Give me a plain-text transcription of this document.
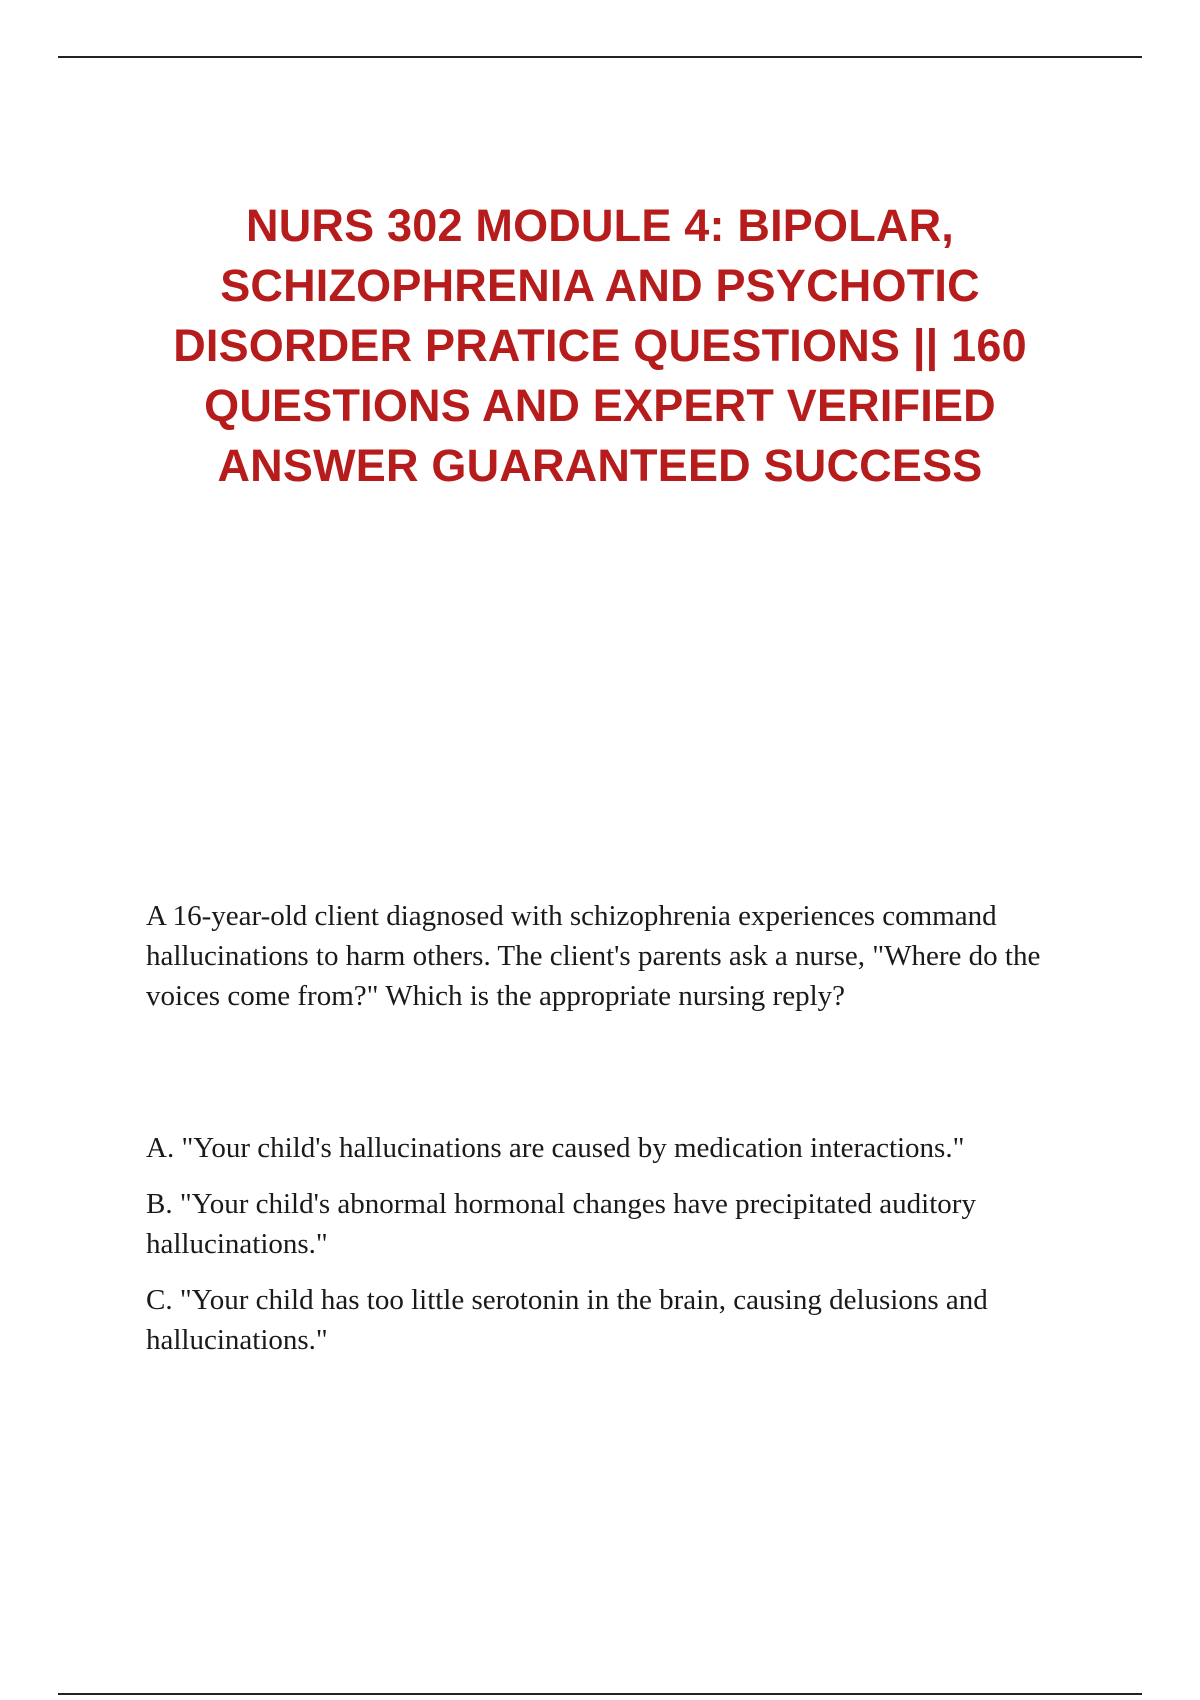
NURS 302 MODULE 4: BIPOLAR, SCHIZOPHRENIA AND PSYCHOTIC DISORDER PRATICE QUESTIONS || 160 QUESTIONS AND EXPERT VERIFIED ANSWER GUARANTEED SUCCESS

A 16-year-old client diagnosed with schizophrenia experiences command hallucinations to harm others. The client's parents ask a nurse, "Where do the voices come from?" Which is the appropriate nursing reply?

A. "Your child's hallucinations are caused by medication interactions."
B. "Your child's abnormal hormonal changes have precipitated auditory hallucinations."
C. "Your child has too little serotonin in the brain, causing delusions and hallucinations."
